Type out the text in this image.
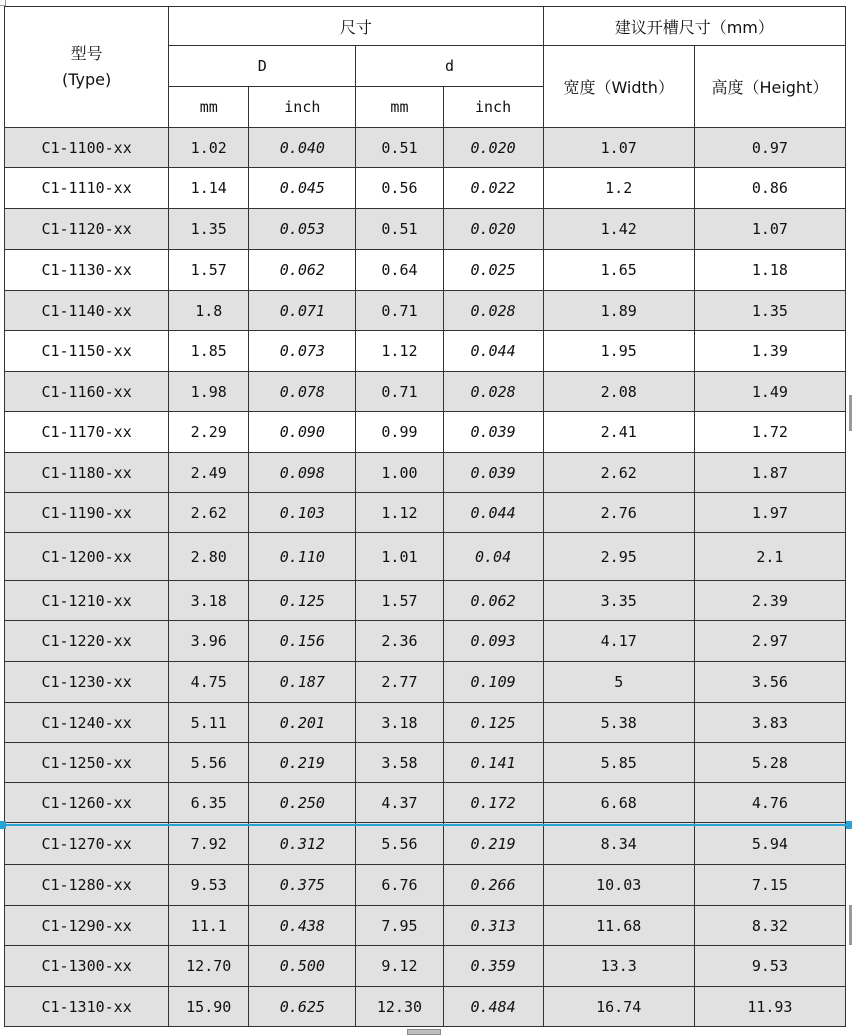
型号
(Type)	尺寸				建议开槽尺寸（mm）	
	D		d		宽度（Width）	高度（Height）
	mm	inch	mm	inch		
C1-1100-xx	1.02	0.040	0.51	0.020	1.07	0.97
C1-1110-xx	1.14	0.045	0.56	0.022	1.2	0.86
C1-1120-xx	1.35	0.053	0.51	0.020	1.42	1.07
C1-1130-xx	1.57	0.062	0.64	0.025	1.65	1.18
C1-1140-xx	1.8	0.071	0.71	0.028	1.89	1.35
C1-1150-xx	1.85	0.073	1.12	0.044	1.95	1.39
C1-1160-xx	1.98	0.078	0.71	0.028	2.08	1.49
C1-1170-xx	2.29	0.090	0.99	0.039	2.41	1.72
C1-1180-xx	2.49	0.098	1.00	0.039	2.62	1.87
C1-1190-xx	2.62	0.103	1.12	0.044	2.76	1.97
C1-1200-xx	2.80	0.110	1.01	0.04	2.95	2.1
C1-1210-xx	3.18	0.125	1.57	0.062	3.35	2.39
C1-1220-xx	3.96	0.156	2.36	0.093	4.17	2.97
C1-1230-xx	4.75	0.187	2.77	0.109	5	3.56
C1-1240-xx	5.11	0.201	3.18	0.125	5.38	3.83
C1-1250-xx	5.56	0.219	3.58	0.141	5.85	5.28
C1-1260-xx	6.35	0.250	4.37	0.172	6.68	4.76
C1-1270-xx	7.92	0.312	5.56	0.219	8.34	5.94
C1-1280-xx	9.53	0.375	6.76	0.266	10.03	7.15
C1-1290-xx	11.1	0.438	7.95	0.313	11.68	8.32
C1-1300-xx	12.70	0.500	9.12	0.359	13.3	9.53
C1-1310-xx	15.90	0.625	12.30	0.484	16.74	11.93
